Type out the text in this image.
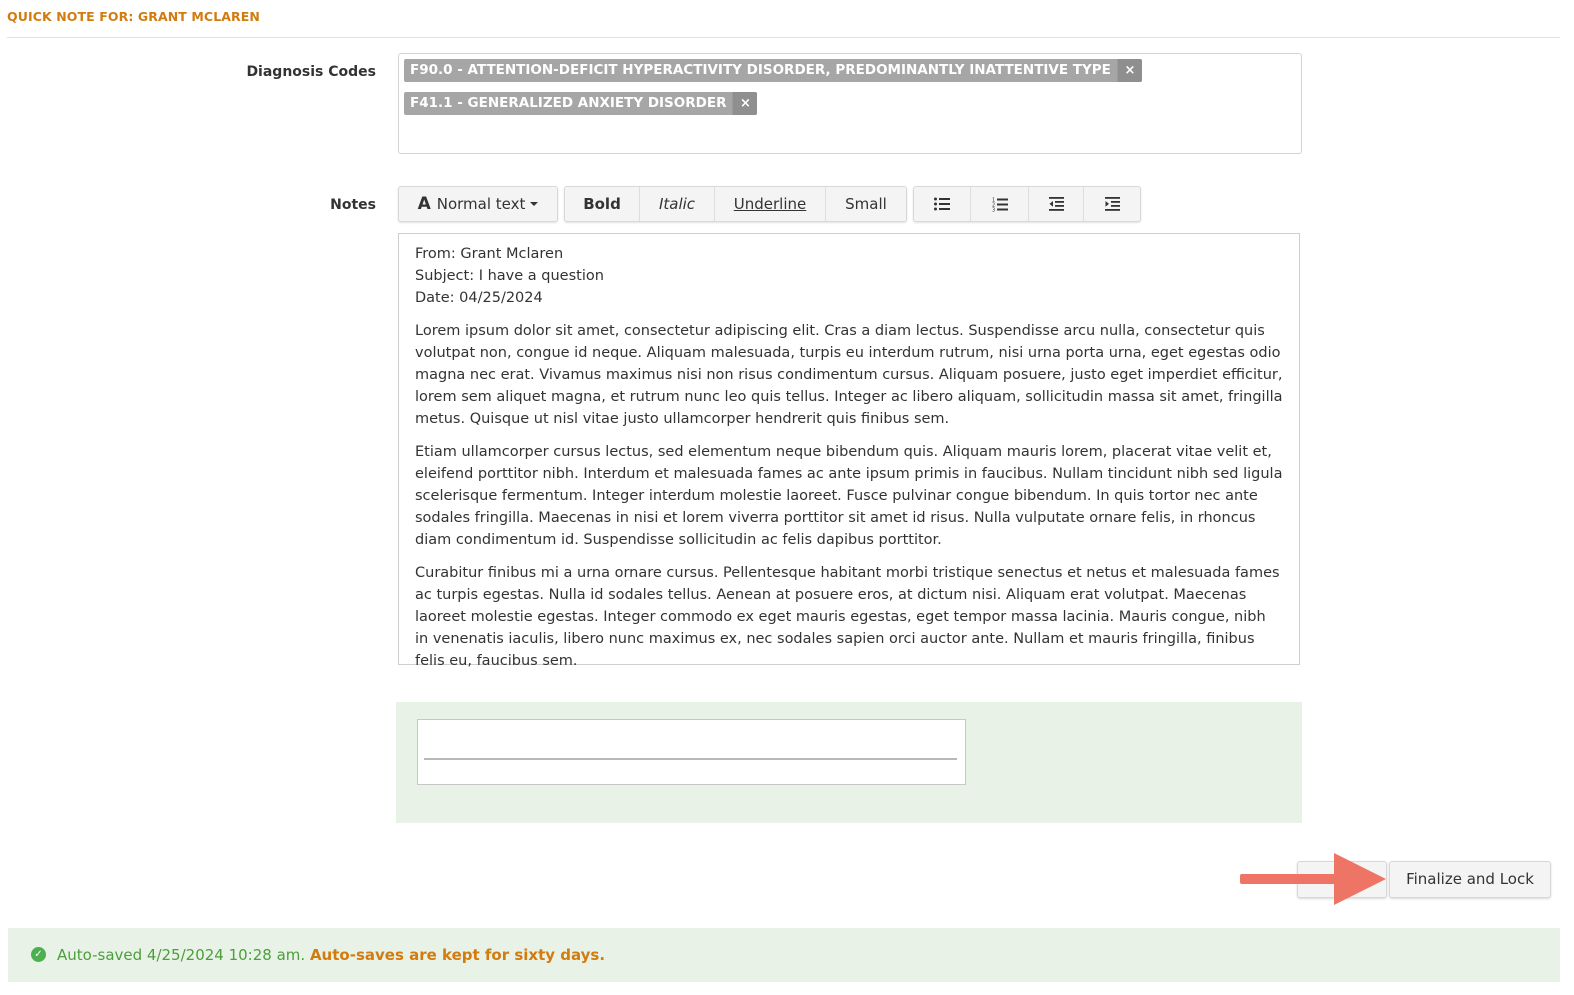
QUICK NOTE FOR: GRANT MCLAREN
Diagnosis Codes	F90.0 - ATTENTION-DEFICIT HYPERACTIVITY DISORDER, PREDOMINANTLY INATTENTIVE TYPE	×
F41.1 - GENERALIZED ANXIETY DISORDER	×
Notes A Normal text	Bold	Italic	Underline	Small	1
2
3
From: Grant Mclaren
Subject: I have a question
Date: 04/25/2024

Lorem ipsum dolor sit amet, consectetur adipiscing elit. Cras a diam lectus. Suspendisse arcu nulla, consectetur quis volutpat non, congue id neque. Aliquam malesuada, turpis eu interdum rutrum, nisi urna porta urna, eget egestas odio magna nec erat. Vivamus maximus nisi non risus condimentum cursus. Aliquam posuere, justo eget imperdiet efficitur, lorem sem aliquet magna, et rutrum nunc leo quis tellus. Integer ac libero aliquam, sollicitudin massa sit amet, fringilla metus. Quisque ut nisl vitae justo ullamcorper hendrerit quis finibus sem.

Etiam ullamcorper cursus lectus, sed elementum neque bibendum quis. Aliquam mauris lorem, placerat vitae velit et, eleifend porttitor nibh. Interdum et malesuada fames ac ante ipsum primis in faucibus. Nullam tincidunt nibh sed ligula scelerisque fermentum. Integer interdum molestie laoreet. Fusce pulvinar congue bibendum. In quis tortor nec ante sodales fringilla. Maecenas in nisi et lorem viverra porttitor sit amet id risus. Nulla vulputate ornare felis, in rhoncus diam condimentum id. Suspendisse sollicitudin ac felis dapibus porttitor.

Curabitur finibus mi a urna ornare cursus. Pellentesque habitant morbi tristique senectus et netus et malesuada fames ac turpis egestas. Nulla id sodales tellus. Aenean at posuere eros, at dictum nisi. Aliquam erat volutpat. Maecenas laoreet molestie egestas. Integer commodo ex eget mauris egestas, eget tempor massa lacinia. Mauris congue, nibh in venenatis iaculis, libero nunc maximus ex, nec sodales sapien orci auctor ante. Nullam et mauris fringilla, finibus felis eu, faucibus sem.

Finalize and Lock
✓ Auto-saved 4/25/2024 10:28 am. Auto-saves are kept for sixty days.
